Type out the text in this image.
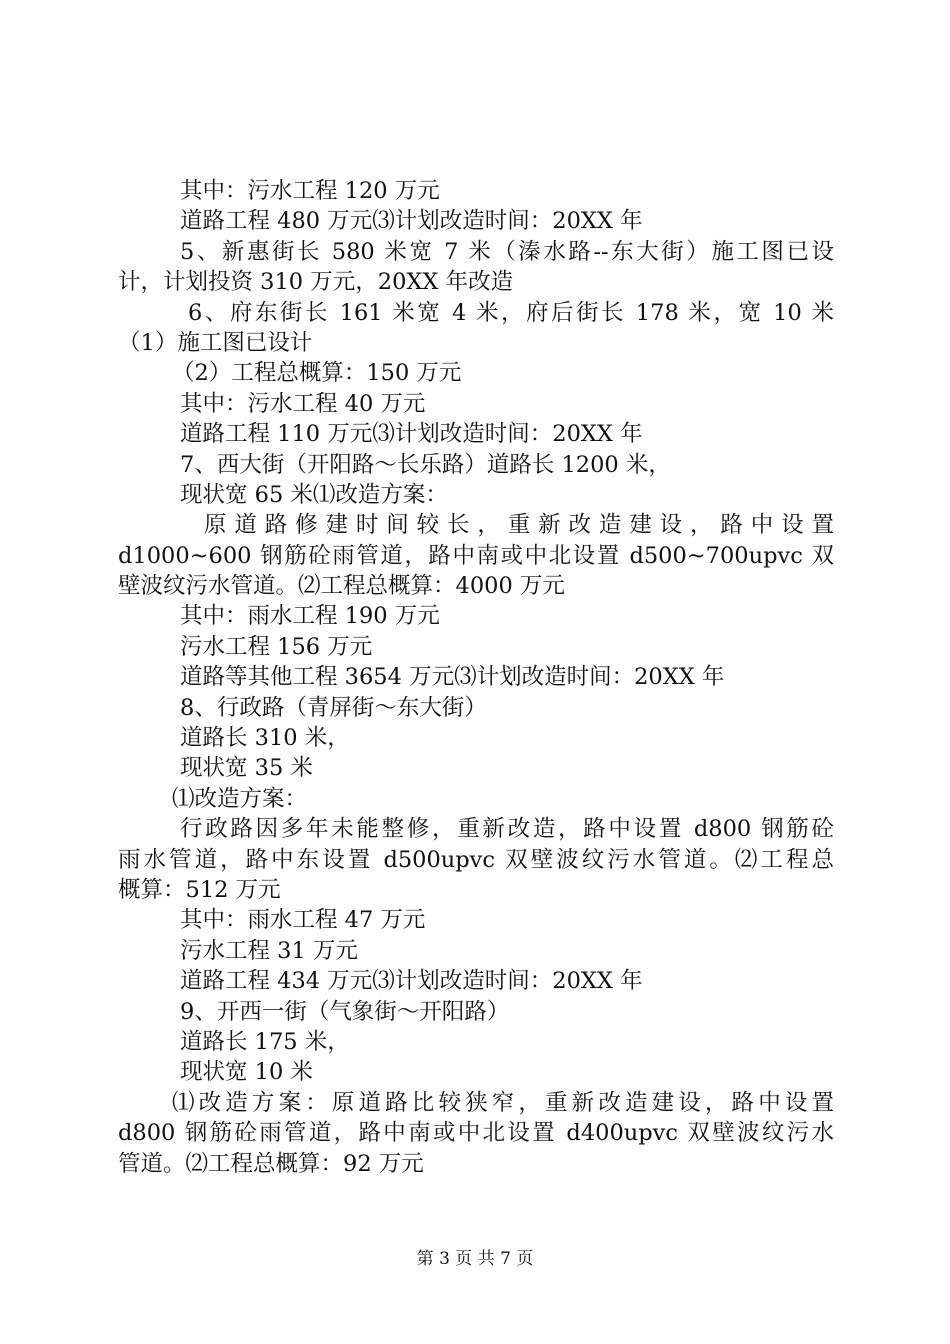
其中：污水工程 120 万元
道路工程 480 万元⑶计划改造时间：20XX 年
5、新惠街长 580 米宽 7 米（溱水路--东大街）施工图已设
计，计划投资 310 万元，20XX 年改造
6、府东街长 161 米宽 4 米，府后街长 178 米，宽 10 米
（1）施工图已设计
（2）工程总概算：150 万元
其中：污水工程 40 万元
道路工程 110 万元⑶计划改造时间：20XX 年
7、西大街（开阳路～长乐路）道路长 1200 米，
现状宽 65 米⑴改造方案：
原道路修建时间较长，重新改造建设，路中设置
d1000~600 钢筋砼雨管道，路中南或中北设置 d500~700upvc 双
壁波纹污水管道。⑵工程总概算：4000 万元
其中：雨水工程 190 万元
污水工程 156 万元
道路等其他工程 3654 万元⑶计划改造时间：20XX 年
8、行政路（青屏街～东大街）
道路长 310 米，
现状宽 35 米
⑴改造方案：
行政路因多年未能整修，重新改造，路中设置 d800 钢筋砼
雨水管道，路中东设置 d500upvc 双壁波纹污水管道。⑵工程总
概算：512 万元
其中：雨水工程 47 万元
污水工程 31 万元
道路工程 434 万元⑶计划改造时间：20XX 年
9、开西一街（气象街～开阳路）
道路长 175 米，
现状宽 10 米
⑴改造方案：原道路比较狭窄，重新改造建设，路中设置
d800 钢筋砼雨管道，路中南或中北设置 d400upvc 双壁波纹污水
管道。⑵工程总概算：92 万元
第 3 页 共 7 页
